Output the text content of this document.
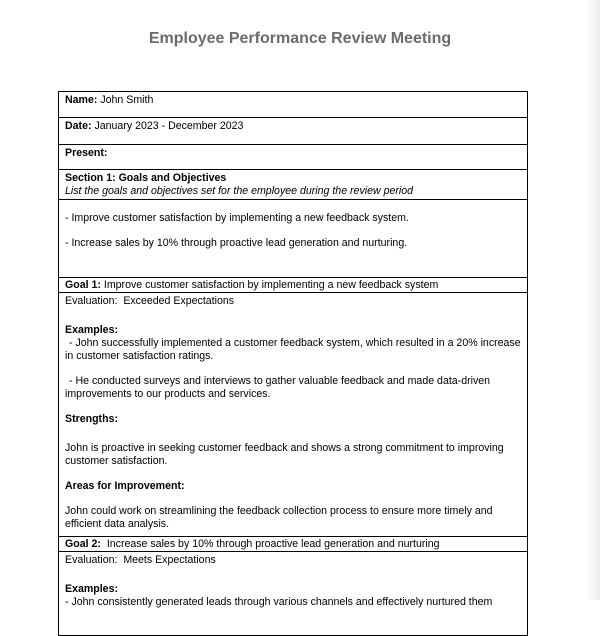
Employee Performance Review Meeting
Name: John Smith
Date: January 2023 - December 2023
Present:

Section 1: Goals and Objectives

List the goals and objectives set for the employee during the review period

- Improve customer satisfaction by implementing a new feedback system.

- Increase sales by 10% through proactive lead generation and nurturing.

Goal 1: Improve customer satisfaction by implementing a new feedback system

Evaluation: Exceeded Expectations

Examples:

- John successfully implemented a customer feedback system, which resulted in a 20% increase in customer satisfaction ratings.

- He conducted surveys and interviews to gather valuable feedback and made data-driven improvements to our products and services.

Strengths:

John is proactive in seeking customer feedback and shows a strong commitment to improving customer satisfaction.

Areas for Improvement:

John could work on streamlining the feedback collection process to ensure more timely and efficient data analysis.

Goal 2: Increase sales by 10% through proactive lead generation and nurturing

Evaluation: Meets Expectations

Examples:

- John consistently generated leads through various channels and effectively nurtured them
